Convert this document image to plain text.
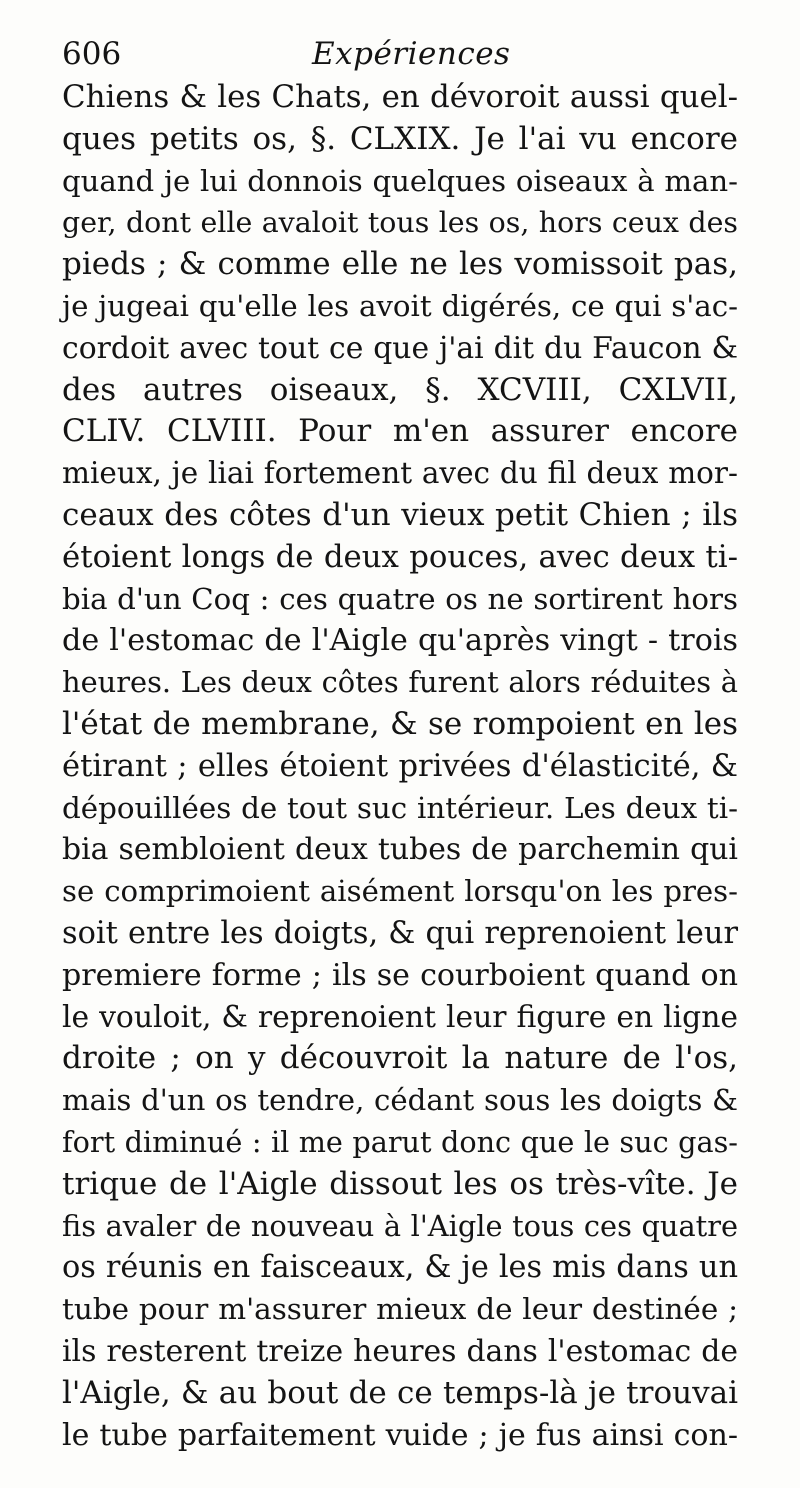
606	Expériences
Chiens & les Chats, en dévoroit aussi quel-
ques petits os, §. CLXIX. Je l'ai vu encore
quand je lui donnois quelques oiseaux à man-
ger, dont elle avaloit tous les os, hors ceux des
pieds ; & comme elle ne les vomissoit pas,
je jugeai qu'elle les avoit digérés, ce qui s'ac-
cordoit avec tout ce que j'ai dit du Faucon &
des autres oiseaux, §. XCVIII, CXLVII,
CLIV. CLVIII. Pour m'en assurer encore
mieux, je liai fortement avec du fil deux mor-
ceaux des côtes d'un vieux petit Chien ; ils
étoient longs de deux pouces, avec deux ti-
bia d'un Coq : ces quatre os ne sortirent hors
de l'estomac de l'Aigle qu'après vingt - trois
heures. Les deux côtes furent alors réduites à
l'état de membrane, & se rompoient en les
étirant ; elles étoient privées d'élasticité, &
dépouillées de tout suc intérieur. Les deux ti-
bia sembloient deux tubes de parchemin qui
se comprimoient aisément lorsqu'on les pres-
soit entre les doigts, & qui reprenoient leur
premiere forme ; ils se courboient quand on
le vouloit, & reprenoient leur figure en ligne
droite ; on y découvroit la nature de l'os,
mais d'un os tendre, cédant sous les doigts &
fort diminué : il me parut donc que le suc gas-
trique de l'Aigle dissout les os très-vîte. Je
fis avaler de nouveau à l'Aigle tous ces quatre
os réunis en faisceaux, & je les mis dans un
tube pour m'assurer mieux de leur destinée ;
ils resterent treize heures dans l'estomac de
l'Aigle, & au bout de ce temps-là je trouvai
le tube parfaitement vuide ; je fus ainsi con-
